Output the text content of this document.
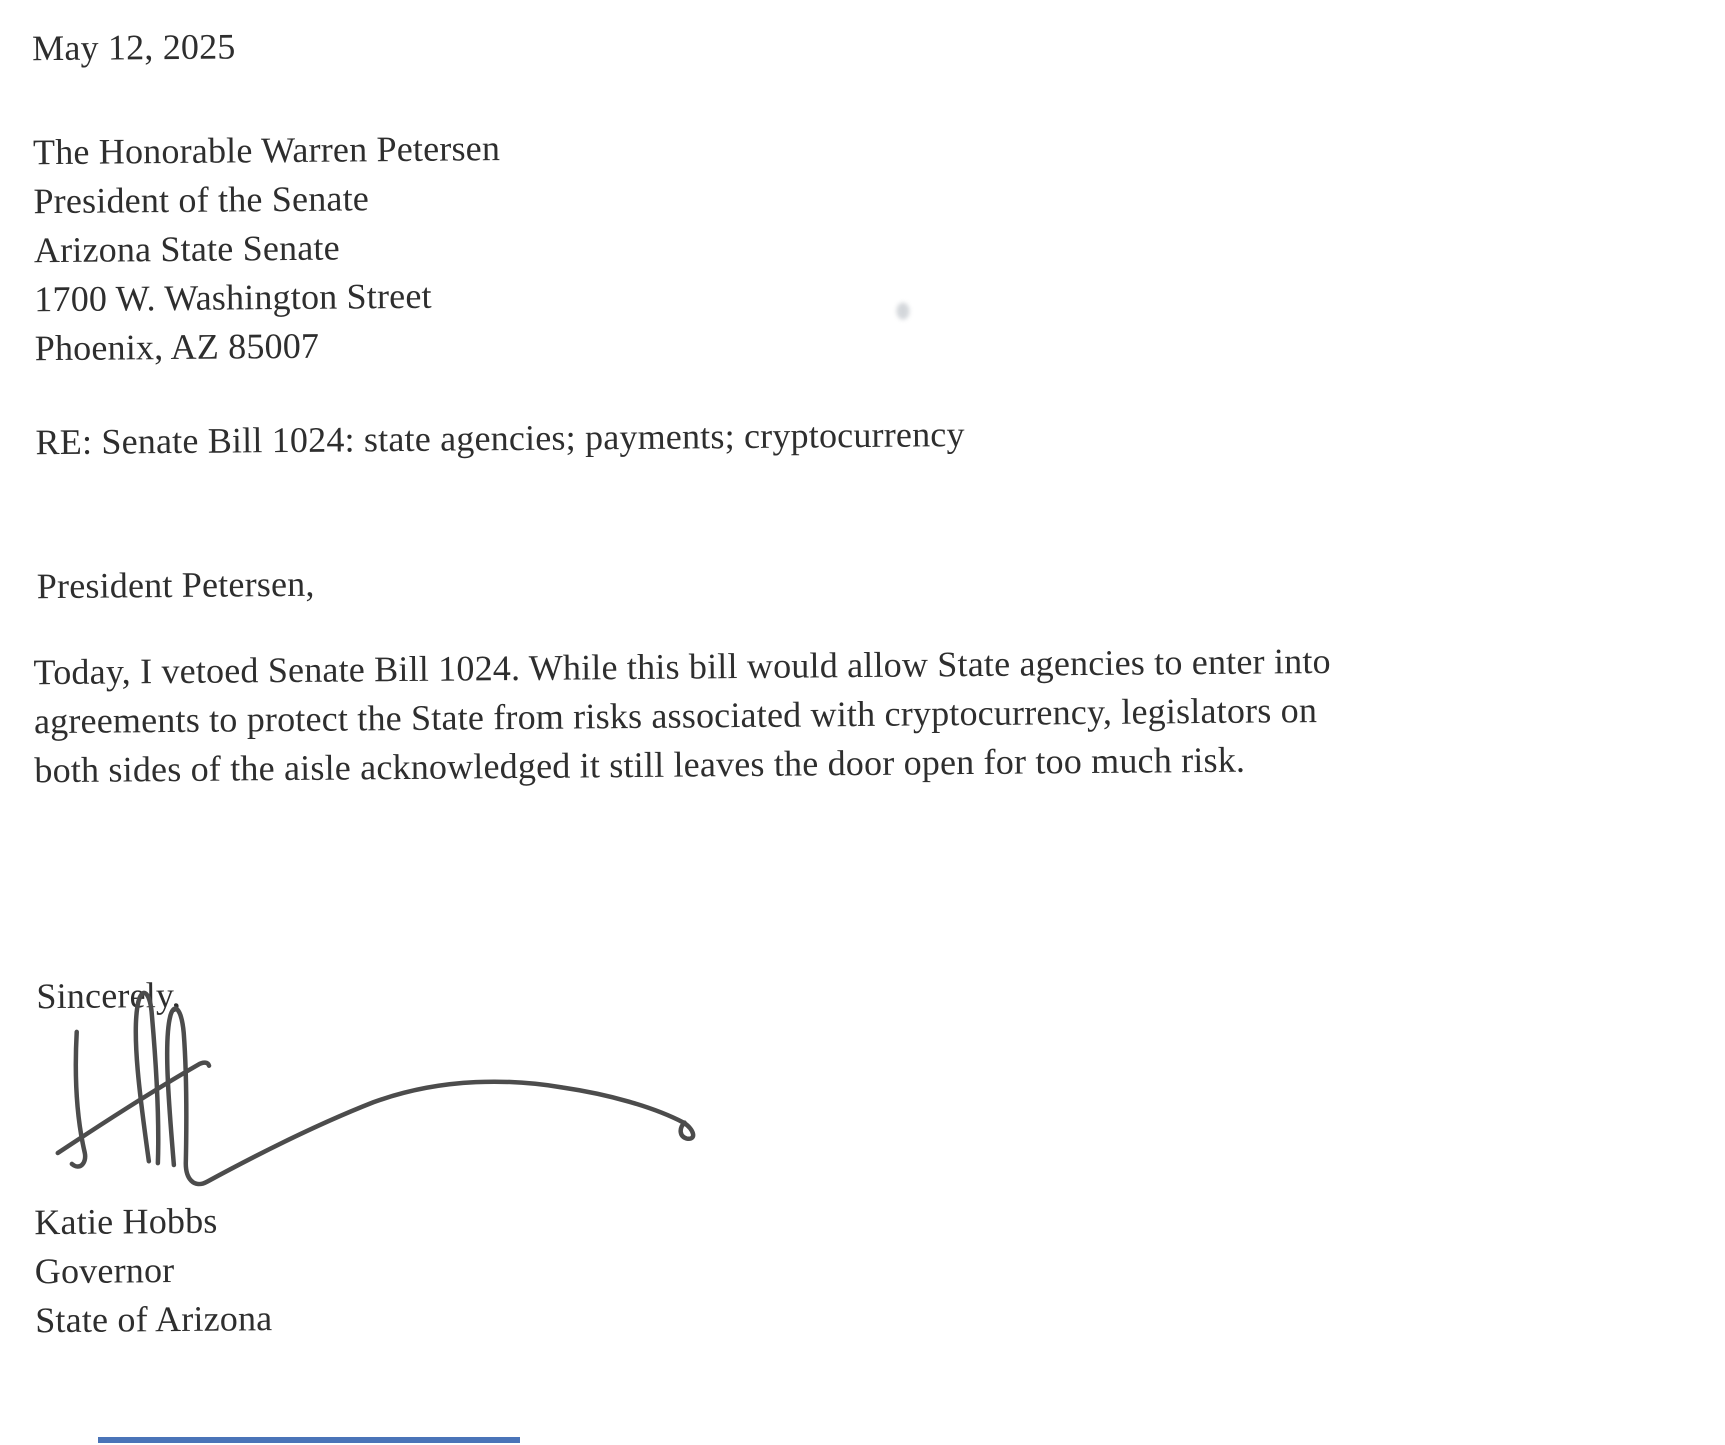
May 12, 2025
The Honorable Warren Petersen
President of the Senate
Arizona State Senate
1700 W. Washington Street
Phoenix, AZ 85007
RE: Senate Bill 1024: state agencies; payments; cryptocurrency
President Petersen,
Today, I vetoed Senate Bill 1024. While this bill would allow State agencies to enter into
agreements to protect the State from risks associated with cryptocurrency, legislators on
both sides of the aisle acknowledged it still leaves the door open for too much risk.
Sincerely,
Katie Hobbs
Governor
State of Arizona
